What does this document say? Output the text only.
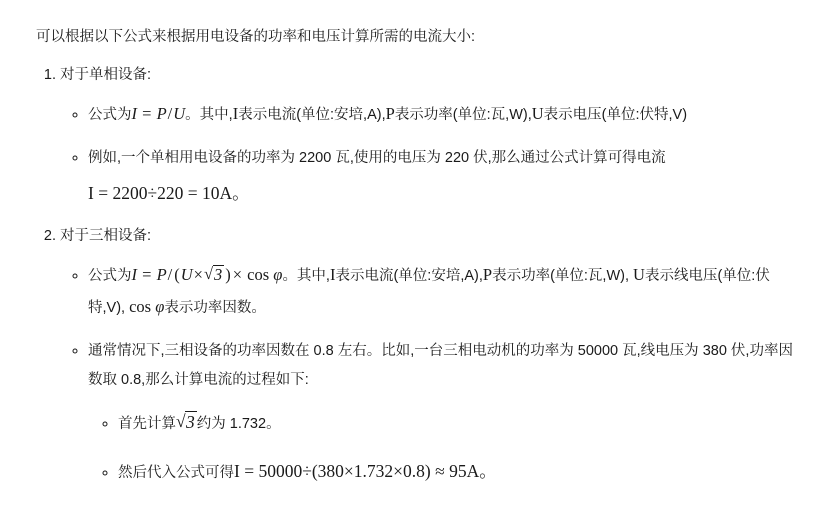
可以根据以下公式来根据用电设备的功率和电压计算所需的电流大小:

1. 对于单相设备:
◦ 公式为I = P/U。其中,I表示电流(单位:安培,A),P表示功率(单位:瓦,W),U表示电压(单位:伏特,V)
◦ 例如,一个单相用电设备的功率为 2200 瓦,使用的电压为 220 伏,那么通过公式计算可得电流
I = 2200÷220 = 10A。
2. 对于三相设备:
◦ 公式为I = P/ (U× √ 3 ) × cos φ。其中,I表示电流(单位:安培,A),P表示功率(单位:瓦,W), U表示线电压(单位:伏特,V), cos φ表示功率因数。
◦ 通常情况下,三相设备的功率因数在 0.8 左右。比如,一台三相电动机的功率为 50000 瓦,线电压为 380 伏,功率因数取 0.8,那么计算电流的过程如下:
◦ 首先计算 √ 3 约为 1.732。
◦ 然后代入公式可得I = 50000÷(380×1.732×0.8) ≈ 95A。
